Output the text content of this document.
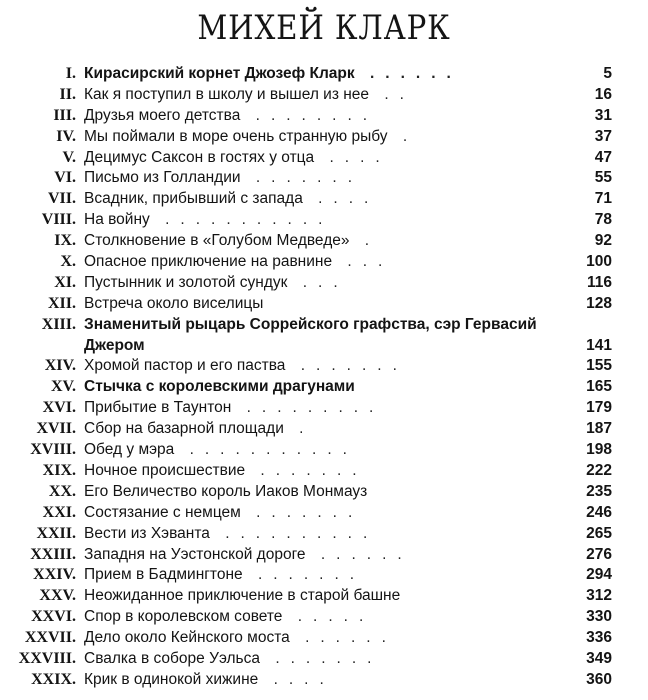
МИХЕЙ КЛАРК
I. Кирасирский корнет Джозеф Кларк ......	5
II. Как я поступил в школу и вышел из нее ..	16
III. Друзья моего детства ........	31
IV. Мы поймали в море очень странную рыбу .	37
V. Децимус Саксон в гостях у отца ....	47
VI. Письмо из Голландии .......	55
VII. Всадник, прибывший с запада ....	71
VIII. На войну ...........	78
IX. Столкновение в «Голубом Медведе» .	92
X. Опасное приключение на равнине ...	100
XI. Пустынник и золотой сундук ...	116
XII. Встреча около виселицы	128
XIII. Знаменитый рыцарь Соррейского графства, сэр Гервасий Джером	141
XIV. Хромой пастор и его паства .......	155
XV. Стычка с королевскими драгунами	165
XVI. Прибытие в Таунтон .........	179
XVII. Сбор на базарной площади .	187
XVIII. Обед у мэра ...........	198
XIX. Ночное происшествие .......	222
XX. Его Величество король Иаков Монмауз	235
XXI. Состязание с немцем .......	246
XXII. Вести из Хэванта ..........	265
XXIII. Западня на Уэстонской дороге ......	276
XXIV. Прием в Бадмингтоне .......	294
XXV. Неожиданное приключение в старой башне	312
XXVI. Спор в королевском совете .....	330
XXVII. Дело около Кейнского моста ......	336
XXVIII. Свалка в соборе Уэльса .......	349
XXIX. Крик в одинокой хижине ....	360
